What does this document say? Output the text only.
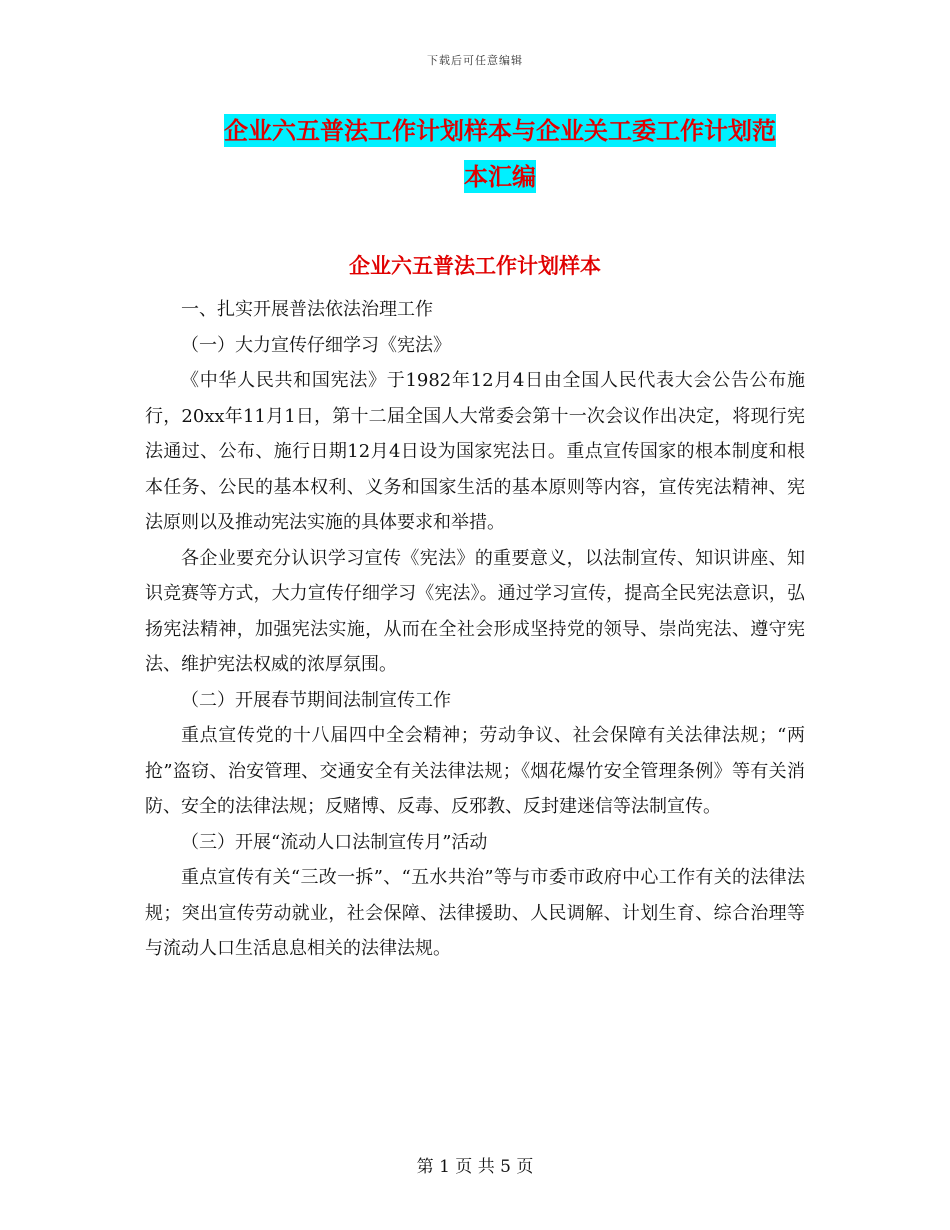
下载后可任意编辑
企业六五普法工作计划样本与企业关工委工作计划范
本汇编
企业六五普法工作计划样本

一、扎实开展普法依法治理工作

（一）大力宣传仔细学习《宪法》

《中华人民共和国宪法》于1982年12月4日由全国人民代表大会公告公布施行，20xx年11月1日，第十二届全国人大常委会第十一次会议作出决定，将现行宪法通过、公布、施行日期12月4日设为国家宪法日。重点宣传国家的根本制度和根本任务、公民的基本权利、义务和国家生活的基本原则等内容，宣传宪法精神、宪法原则以及推动宪法实施的具体要求和举措。

各企业要充分认识学习宣传《宪法》的重要意义，以法制宣传、知识讲座、知识竞赛等方式，大力宣传仔细学习《宪法》。通过学习宣传，提高全民宪法意识，弘扬宪法精神，加强宪法实施，从而在全社会形成坚持党的领导、崇尚宪法、遵守宪法、维护宪法权威的浓厚氛围。

（二）开展春节期间法制宣传工作

重点宣传党的十八届四中全会精神；劳动争议、社会保障有关法律法规；“两抢”盗窃、治安管理、交通安全有关法律法规；《烟花爆竹安全管理条例》等有关消防、安全的法律法规；反赌博、反毒、反邪教、反封建迷信等法制宣传。

（三）开展“流动人口法制宣传月”活动

重点宣传有关“三改一拆”、“五水共治”等与市委市政府中心工作有关的法律法规；突出宣传劳动就业，社会保障、法律援助、人民调解、计划生育、综合治理等与流动人口生活息息相关的法律法规。

第 1 页 共 5 页
